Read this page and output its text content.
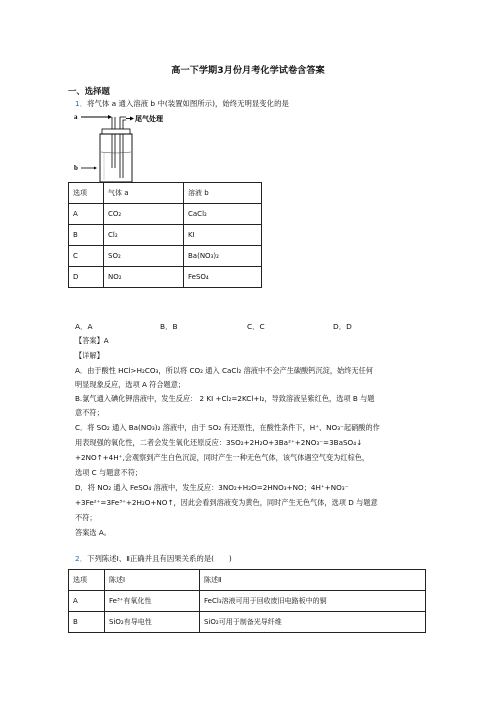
高一下学期3月份月考化学试卷含答案
一、选择题
1．将气体 a 通入溶液 b 中(装置如图所示)，始终无明显变化的是
a	尾气处理
b
选项	气体 a	溶液 b
A	CO₂	CaCl₂
B	Cl₂	KI
C	SO₂	Ba(NO₃)₂
D	NO₂	FeSO₄
A．A	B．B	C．C	D．D
【答案】A
【详解】
A．由于酸性 HCl>H₂CO₃，所以将 CO₂ 通入 CaCl₂ 溶液中不会产生碳酸钙沉淀，始终无任何
明显现象反应，选项 A 符合题意；
B.氯气通入碘化钾溶液中，发生反应： 2 KI +Cl₂=2KCl+I₂，导致溶液呈紫红色，选项 B 与题
意不符；
C．将 SO₂ 通入 Ba(NO₃)₂ 溶液中，由于 SO₂ 有还原性，在酸性条件下，H⁺、NO₃⁻起硝酸的作
用表现强的氧化性，二者会发生氧化还原反应：3SO₂+2H₂O+3Ba²⁺+2NO₃⁻=3BaSO₄↓
+2NO↑+4H⁺,会观察到产生白色沉淀，同时产生一种无色气体，该气体遇空气变为红棕色，
选项 C 与题意不符；
D．将 NO₂ 通入 FeSO₄ 溶液中，发生反应：3NO₂+H₂O=2HNO₃+NO；4H⁺+NO₃⁻
+3Fe²⁺=3Fe³⁺+2H₂O+NO↑，因此会看到溶液变为黄色，同时产生无色气体，选项 D 与题意
不符；
答案选 A。
2．下列陈述Ⅰ、Ⅱ正确并且有因果关系的是(　　)
选项	陈述Ⅰ	陈述Ⅱ
A	Fe³⁺有氧化性	FeCl₃溶液可用于回收废旧电路板中的铜
B	SiO₂有导电性	SiO₂可用于制备光导纤维
